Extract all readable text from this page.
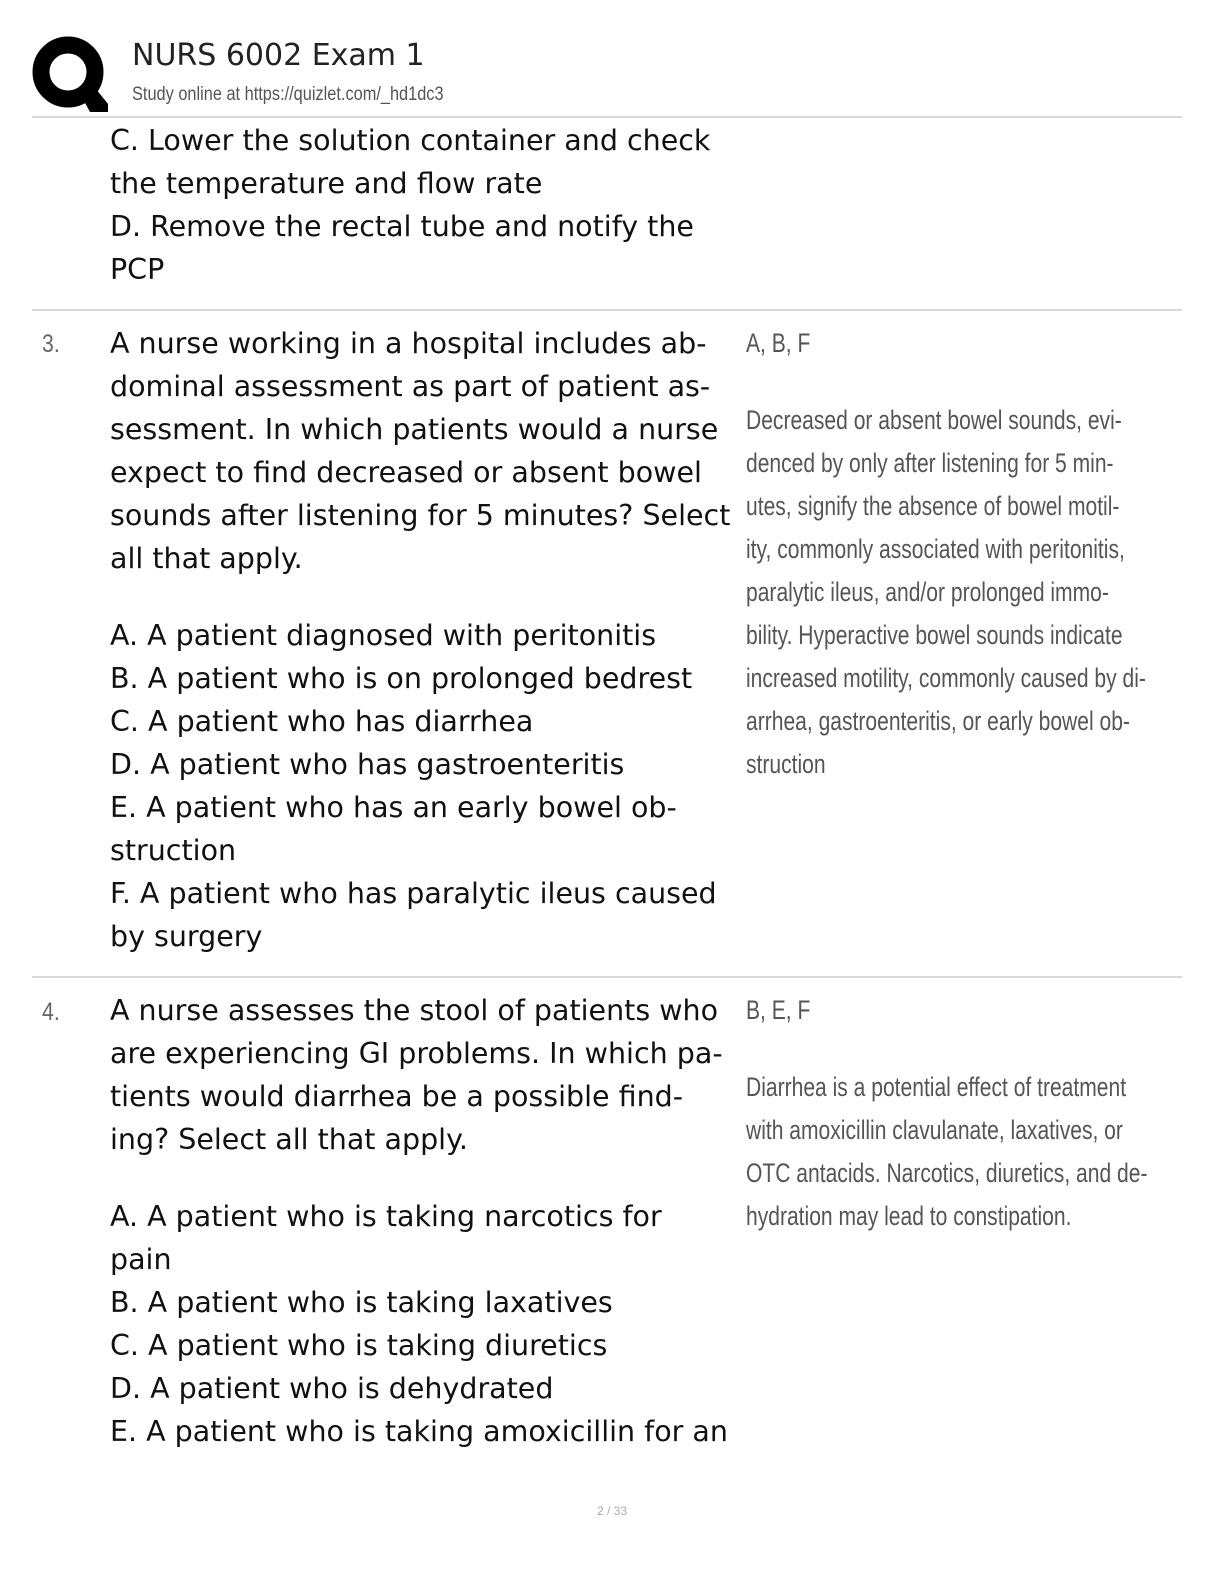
NURS 6002 Exam 1
Study online at https://quizlet.com/_hd1dc3

C. Lower the solution container and check

the temperature and flow rate

D. Remove the rectal tube and notify the

PCP

3. A nurse working in a hospital includes ab-

dominal assessment as part of patient as-

sessment. In which patients would a nurse

expect to find decreased or absent bowel

sounds after listening for 5 minutes? Select

all that apply.

A. A patient diagnosed with peritonitis

B. A patient who is on prolonged bedrest

C. A patient who has diarrhea

D. A patient who has gastroenteritis

E. A patient who has an early bowel ob-

struction

F. A patient who has paralytic ileus caused

by surgery

A, B, F

Decreased or absent bowel sounds, evi-

denced by only after listening for 5 min-

utes, signify the absence of bowel motil-

ity, commonly associated with peritonitis,

paralytic ileus, and/or prolonged immo-

bility. Hyperactive bowel sounds indicate

increased motility, commonly caused by di-

arrhea, gastroenteritis, or early bowel ob-

struction

4. A nurse assesses the stool of patients who

are experiencing GI problems. In which pa-

tients would diarrhea be a possible find-

ing? Select all that apply.

A. A patient who is taking narcotics for

pain

B. A patient who is taking laxatives

C. A patient who is taking diuretics

D. A patient who is dehydrated

E. A patient who is taking amoxicillin for an

B, E, F

Diarrhea is a potential effect of treatment

with amoxicillin clavulanate, laxatives, or

OTC antacids. Narcotics, diuretics, and de-

hydration may lead to constipation.

2 / 33
